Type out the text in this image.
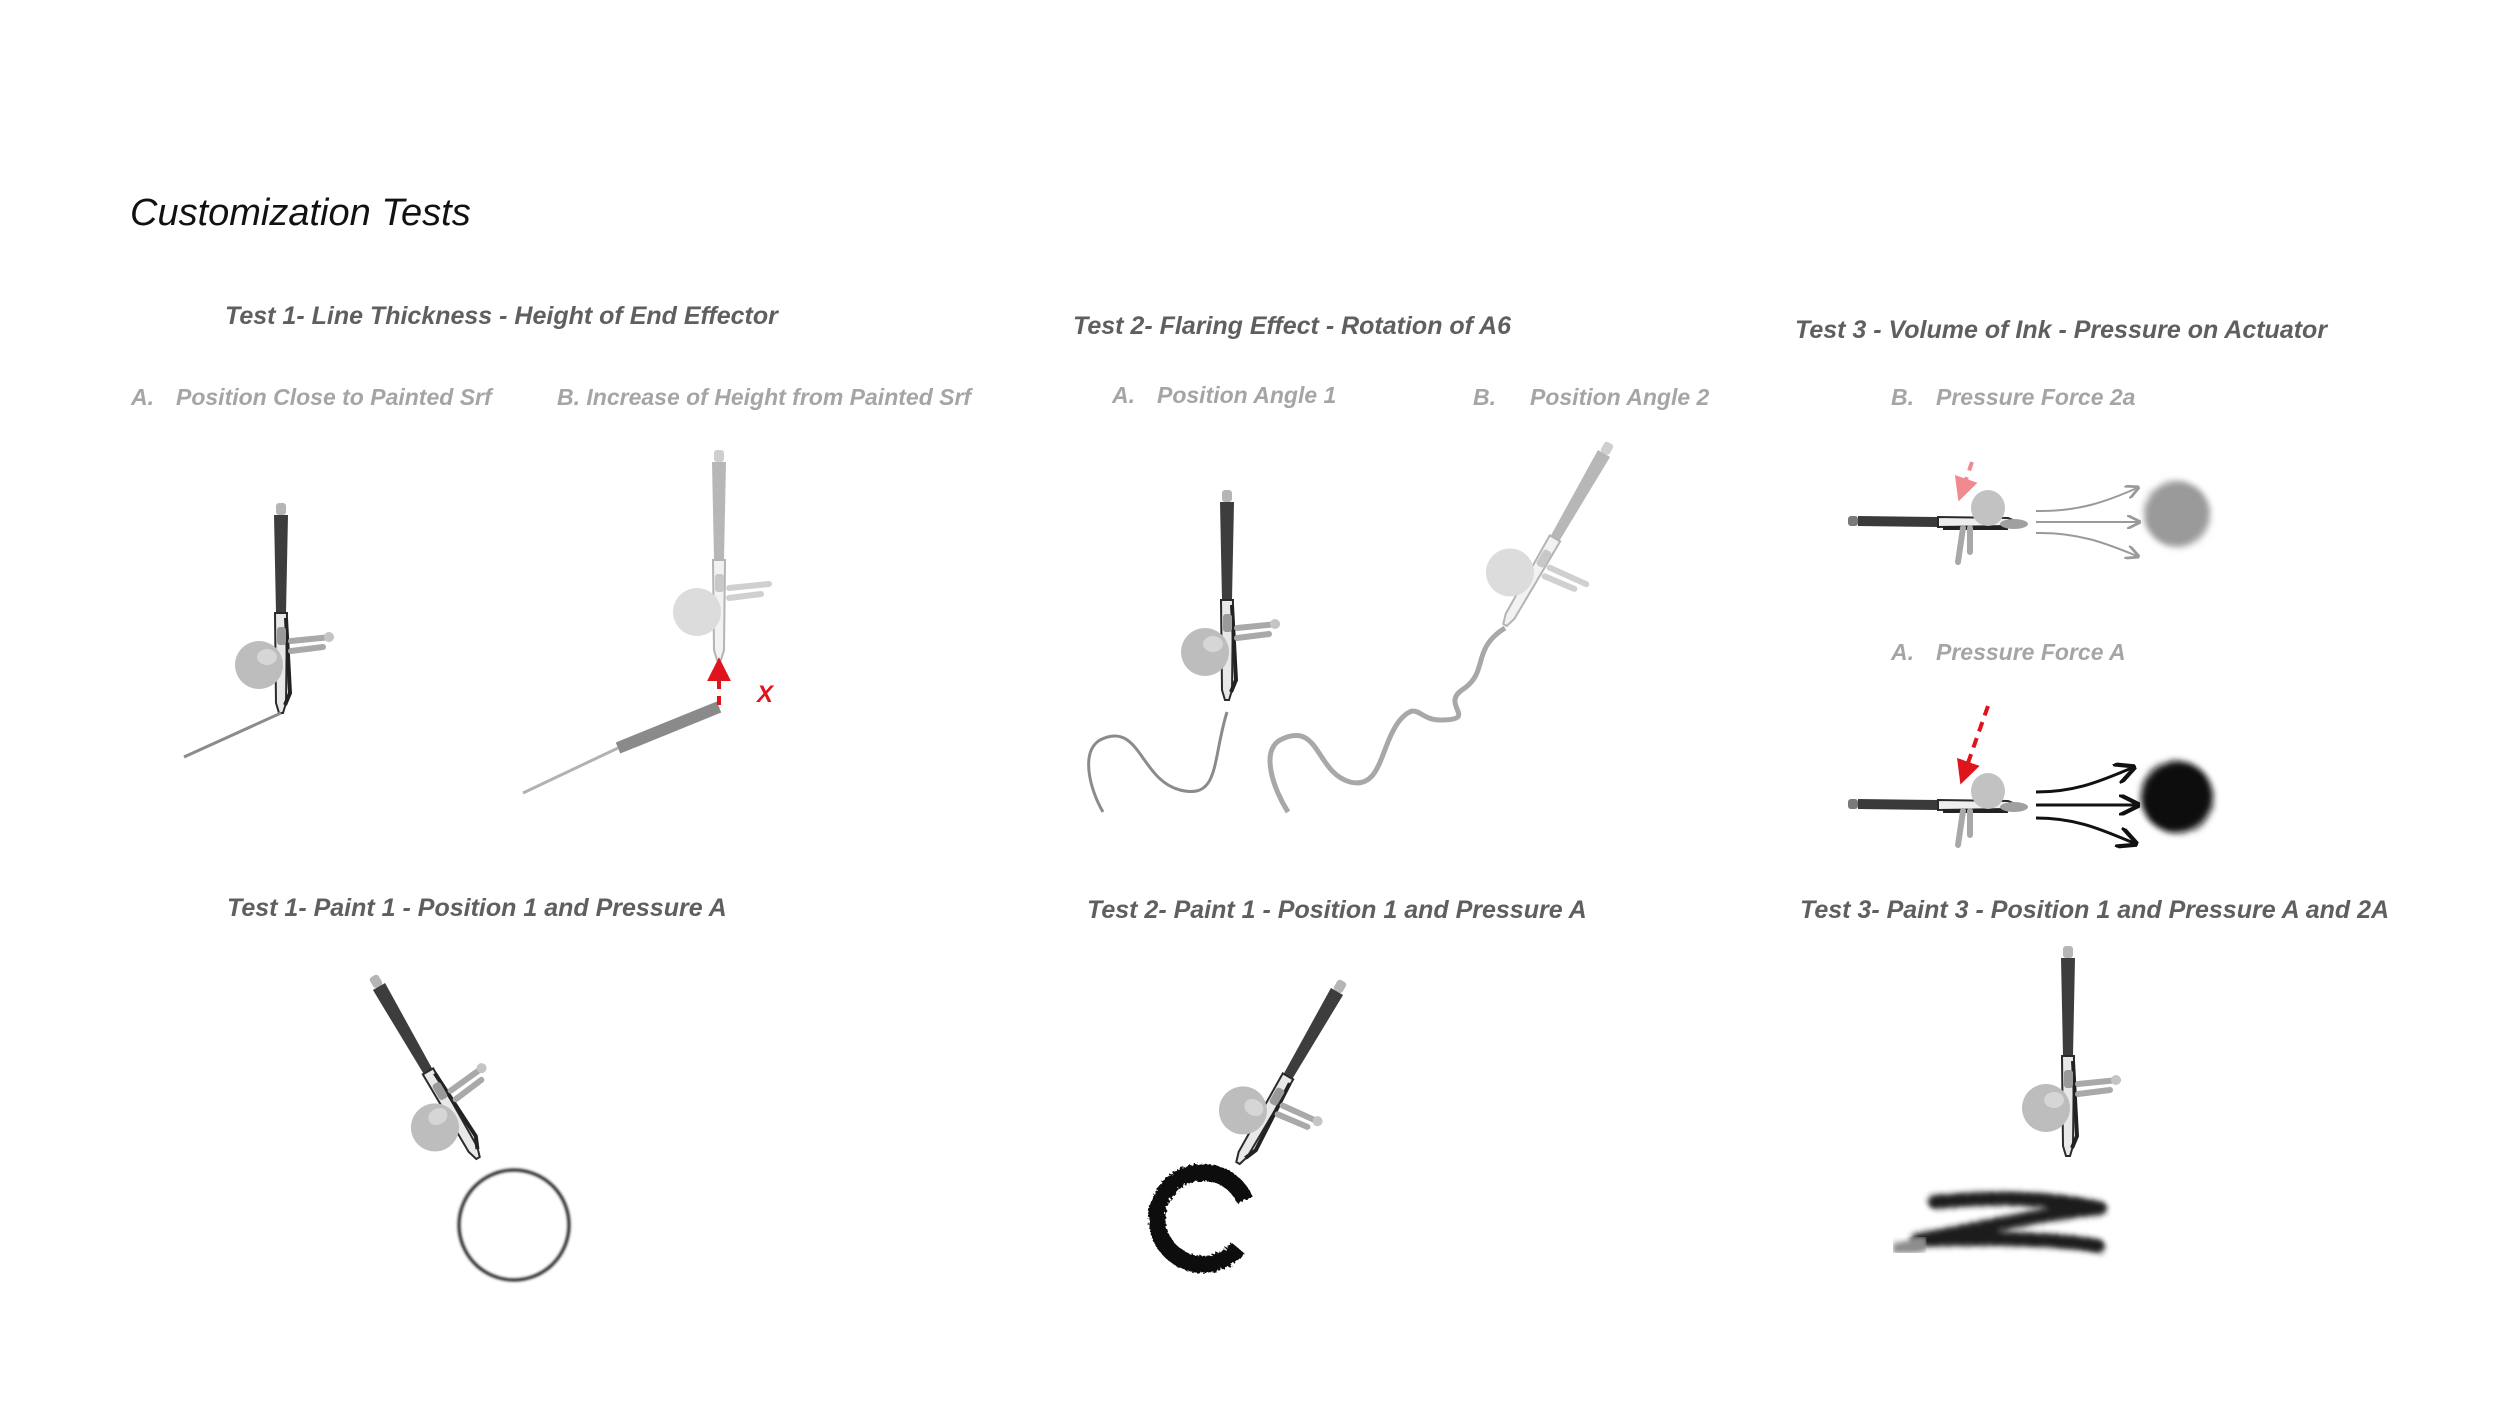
Customization Tests
Test 1- Line Thickness - Height of End Effector
A. Position Close to Painted Srf	B. Increase of Height from Painted Srf
Test 2- Flaring Effect - Rotation of A6
A. Position Angle 1	B. Position Angle 2
Test 3 - Volume of Ink - Pressure on Actuator
B. Pressure Force 2a
A. Pressure Force A
Test 1- Paint 1 - Position 1 and Pressure A	Test 2- Paint 1 - Position 1 and Pressure A	Test 3- Paint 3 - Position 1 and Pressure A and 2A
X
